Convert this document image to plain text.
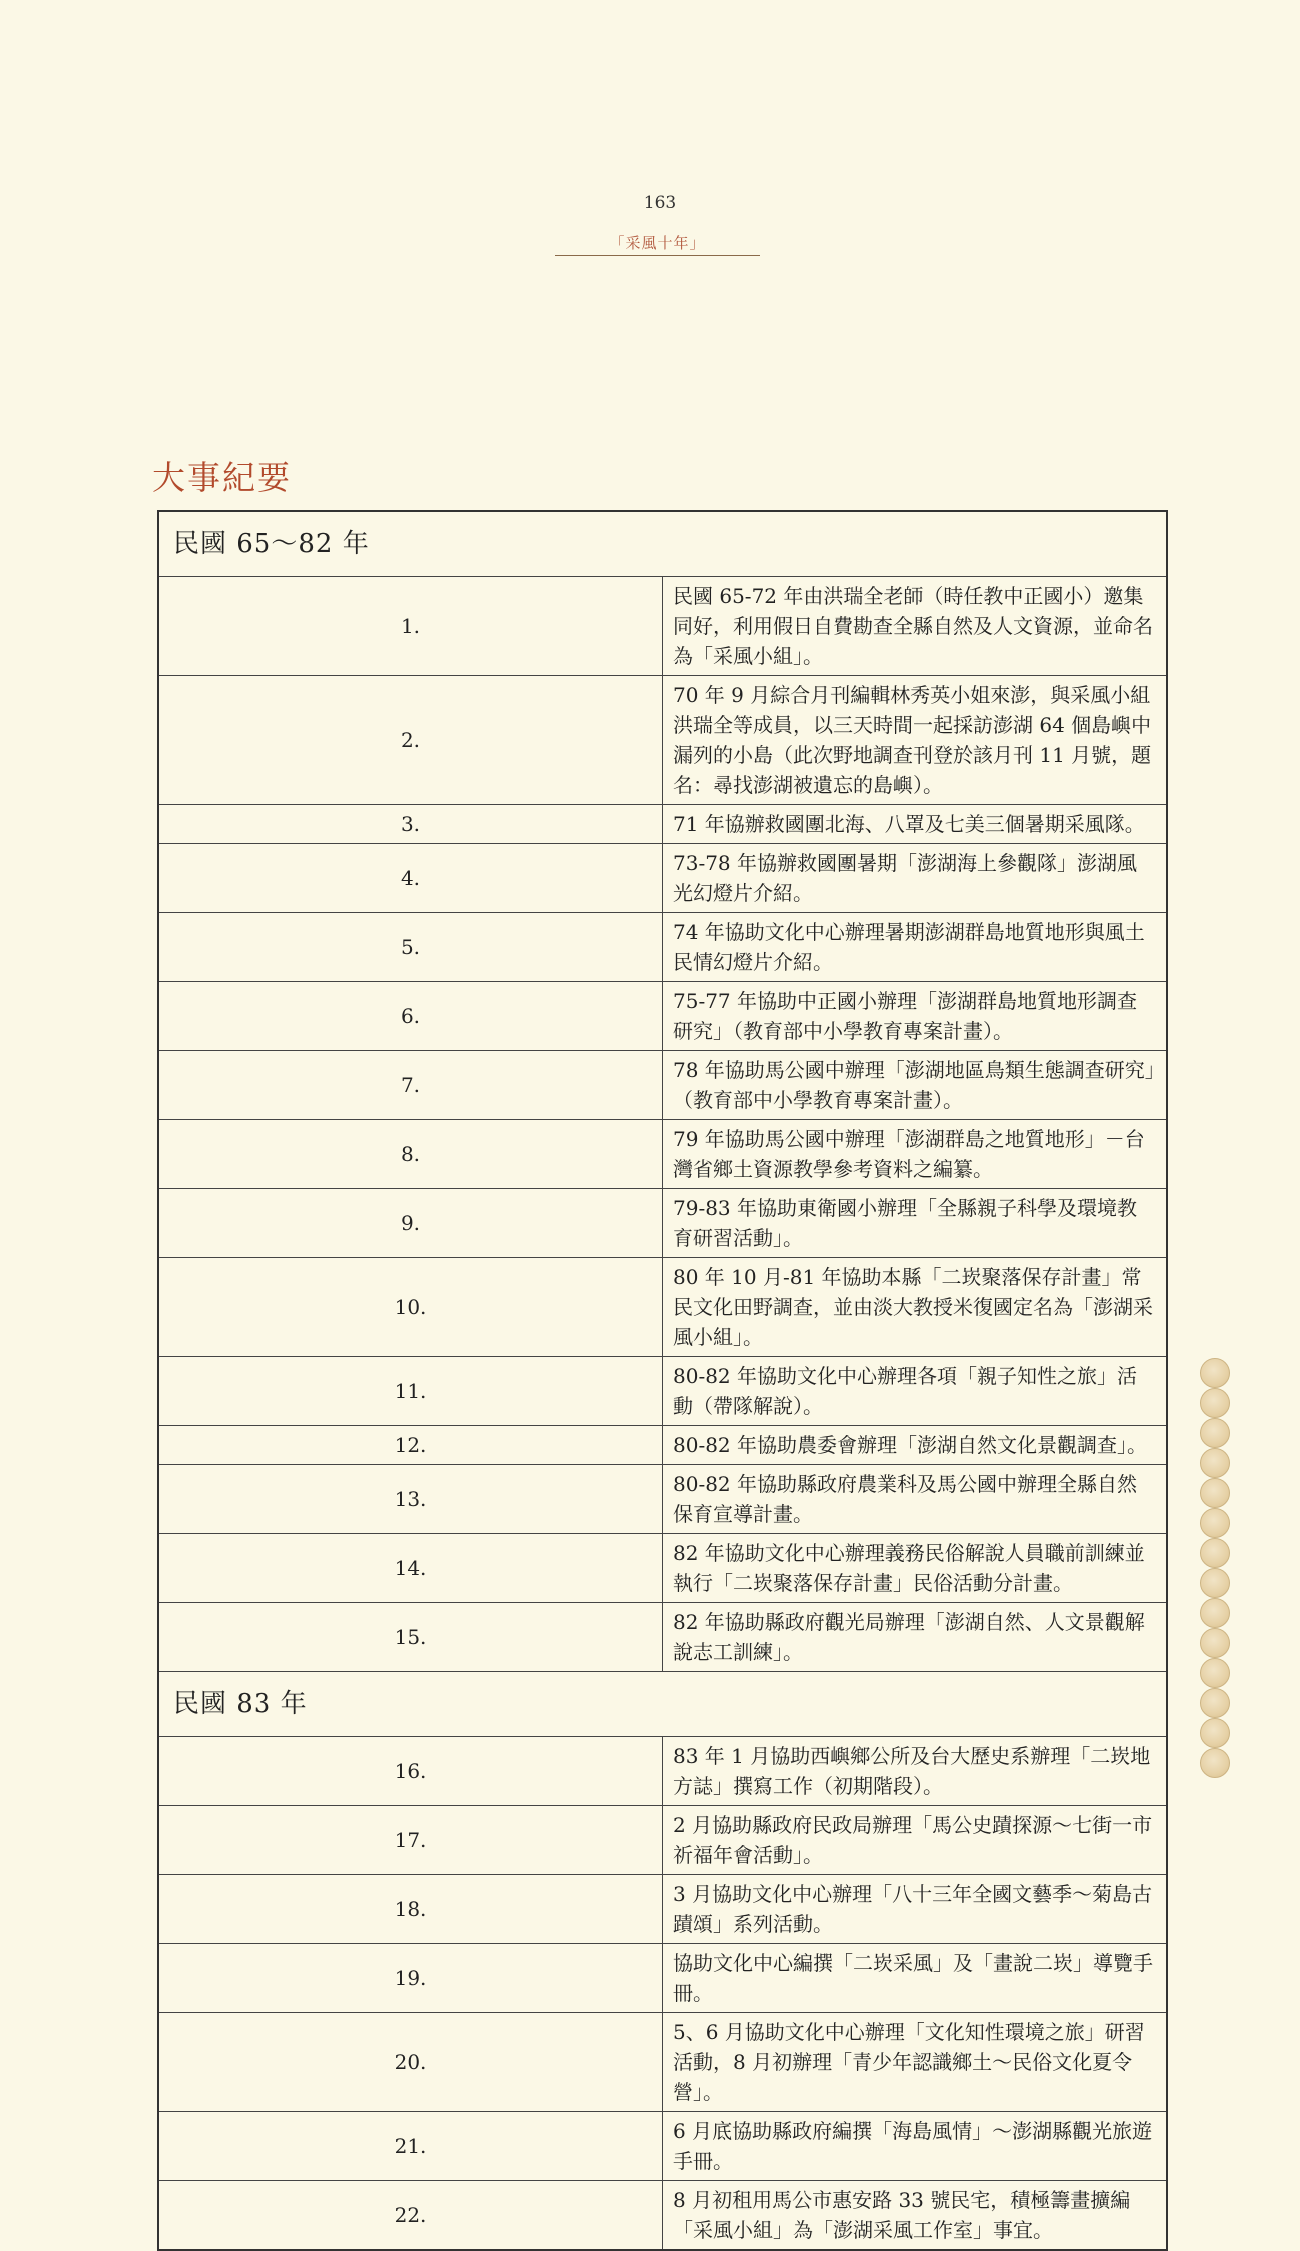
163
「采風十年」
大事紀要
民國 65～82 年	
1.	民國 65-72 年由洪瑞全老師（時任教中正國小）邀集同好，利用假日自費勘查全縣自然及人文資源，並命名為「采風小組」。
2.	70 年 9 月綜合月刊編輯林秀英小姐來澎，與采風小組洪瑞全等成員，以三天時間一起採訪澎湖 64 個島嶼中漏列的小島（此次野地調查刊登於該月刊 11 月號，題名：尋找澎湖被遺忘的島嶼）。
3.	71 年協辦救國團北海、八罩及七美三個暑期采風隊。
4.	73-78 年協辦救國團暑期「澎湖海上參觀隊」澎湖風光幻燈片介紹。
5.	74 年協助文化中心辦理暑期澎湖群島地質地形與風土民情幻燈片介紹。
6.	75-77 年協助中正國小辦理「澎湖群島地質地形調查研究」（教育部中小學教育專案計畫）。
7.	78 年協助馬公國中辦理「澎湖地區鳥類生態調查研究」（教育部中小學教育專案計畫）。
8.	79 年協助馬公國中辦理「澎湖群島之地質地形」－台灣省鄉土資源教學參考資料之編纂。
9.	79-83 年協助東衛國小辦理「全縣親子科學及環境教育研習活動」。
10.	80 年 10 月-81 年協助本縣「二崁聚落保存計畫」常民文化田野調查，並由淡大教授米復國定名為「澎湖采風小組」。
11.	80-82 年協助文化中心辦理各項「親子知性之旅」活動（帶隊解說）。
12.	80-82 年協助農委會辦理「澎湖自然文化景觀調查」。
13.	80-82 年協助縣政府農業科及馬公國中辦理全縣自然保育宣導計畫。
14.	82 年協助文化中心辦理義務民俗解說人員職前訓練並執行「二崁聚落保存計畫」民俗活動分計畫。
15.	82 年協助縣政府觀光局辦理「澎湖自然、人文景觀解說志工訓練」。
民國 83 年	
16.	83 年 1 月協助西嶼鄉公所及台大歷史系辦理「二崁地方誌」撰寫工作（初期階段）。
17.	2 月協助縣政府民政局辦理「馬公史蹟探源～七街一市祈福年會活動」。
18.	3 月協助文化中心辦理「八十三年全國文藝季～菊島古蹟頌」系列活動。
19.	協助文化中心編撰「二崁采風」及「畫說二崁」導覽手冊。
20.	5、6 月協助文化中心辦理「文化知性環境之旅」研習活動，8 月初辦理「青少年認識鄉土～民俗文化夏令營」。
21.	6 月底協助縣政府編撰「海島風情」～澎湖縣觀光旅遊手冊。
22.	8 月初租用馬公市惠安路 33 號民宅，積極籌畫擴編「采風小組」為「澎湖采風工作室」事宜。
